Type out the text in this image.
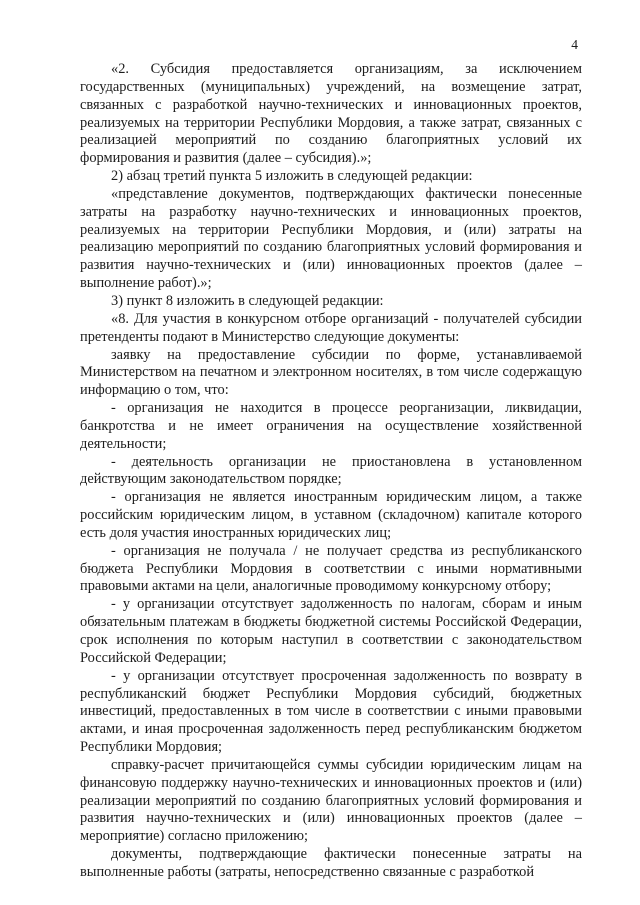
4

«2. Субсидия предоставляется организациям, за исключением государственных (муниципальных) учреждений, на возмещение затрат, связанных с разработкой научно-технических и инновационных проектов, реализуемых на территории Республики Мордовия, а также затрат, связанных с реализацией мероприятий по созданию благоприятных условий их формирования и развития (далее – субсидия).»;

2) абзац третий пункта 5 изложить в следующей редакции:

«представление документов, подтверждающих фактически понесенные затраты на разработку научно-технических и инновационных проектов, реализуемых на территории Республики Мордовия, и (или) затраты на реализацию мероприятий по созданию благоприятных условий формирования и развития научно-технических и (или) инновационных проектов (далее – выполнение работ).»;

3) пункт 8 изложить в следующей редакции:

«8. Для участия в конкурсном отборе организаций - получателей субсидии претенденты подают в Министерство следующие документы:

заявку на предоставление субсидии по форме, устанавливаемой Министерством на печатном и электронном носителях, в том числе содержащую информацию о том, что:

- организация не находится в процессе реорганизации, ликвидации, банкротства и не имеет ограничения на осуществление хозяйственной деятельности;

- деятельность организации не приостановлена в установленном действующим законодательством порядке;

- организация не является иностранным юридическим лицом, а также российским юридическим лицом, в уставном (складочном) капитале которого есть доля участия иностранных юридических лиц;

- организация не получала / не получает средства из республиканского бюджета Республики Мордовия в соответствии с иными нормативными правовыми актами на цели, аналогичные проводимому конкурсному отбору;

- у организации отсутствует задолженность по налогам, сборам и иным обязательным платежам в бюджеты бюджетной системы Российской Федерации, срок исполнения по которым наступил в соответствии с законодательством Российской Федерации;

- у организации отсутствует просроченная задолженность по возврату в республиканский бюджет Республики Мордовия субсидий, бюджетных инвестиций, предоставленных в том числе в соответствии с иными правовыми актами, и иная просроченная задолженность перед республиканским бюджетом Республики Мордовия;

справку-расчет причитающейся суммы субсидии юридическим лицам на финансовую поддержку научно-технических и инновационных проектов и (или) реализации мероприятий по созданию благоприятных условий формирования и развития научно-технических и (или) инновационных проектов (далее – мероприятие) согласно приложению;

документы, подтверждающие фактически понесенные затраты на выполненные работы (затраты, непосредственно связанные с разработкой
